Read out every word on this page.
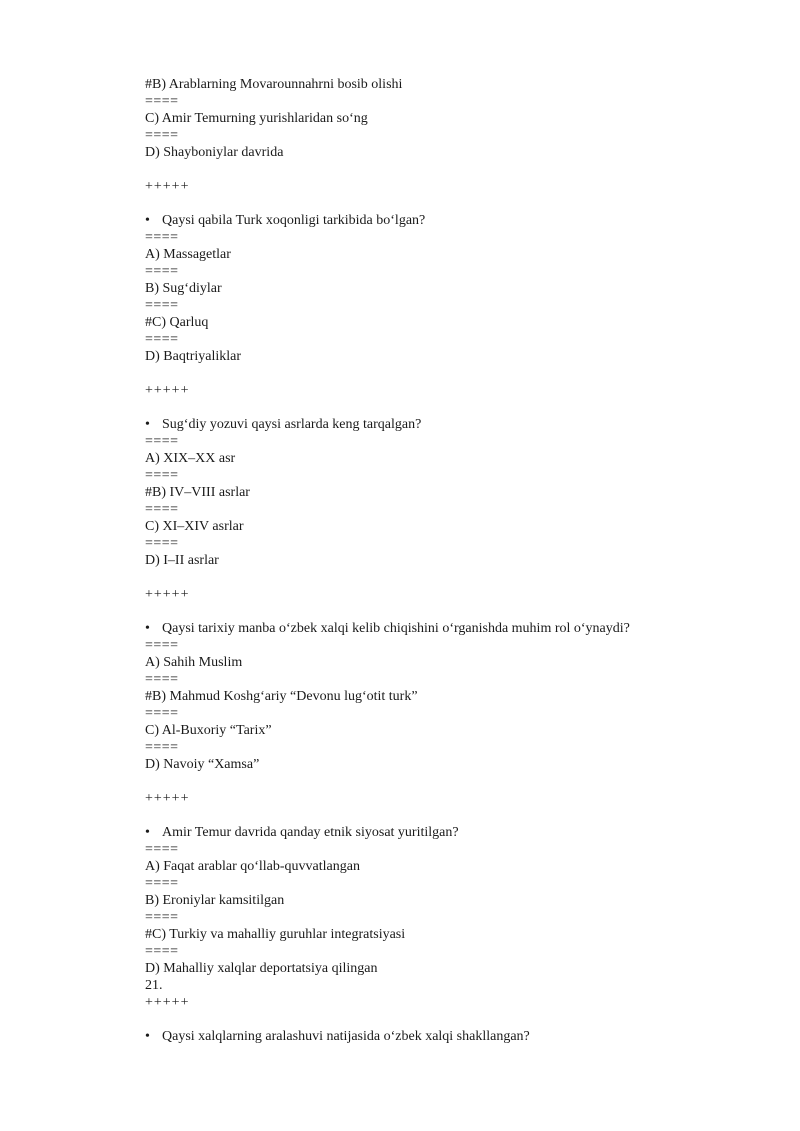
#B) Arablarning Movarounnahrni bosib olishi
====
C) Amir Temurning yurishlaridan so‘ng
====
D) Shayboniylar davrida
+++++
• Qaysi qabila Turk xoqonligi tarkibida bo‘lgan?
====
A) Massagetlar
====
B) Sug‘diylar
====
#C) Qarluq
====
D) Baqtriyaliklar
+++++
• Sug‘diy yozuvi qaysi asrlarda keng tarqalgan?
====
A) XIX–XX asr
====
#B) IV–VIII asrlar
====
C) XI–XIV asrlar
====
D) I–II asrlar
+++++
• Qaysi tarixiy manba o‘zbek xalqi kelib chiqishini o‘rganishda muhim rol o‘ynaydi?
====
A) Sahih Muslim
====
#B) Mahmud Koshg‘ariy “Devonu lug‘otit turk”
====
C) Al-Buxoriy “Tarix”
====
D) Navoiy “Xamsa”
+++++
• Amir Temur davrida qanday etnik siyosat yuritilgan?
====
A) Faqat arablar qo‘llab-quvvatlangan
====
B) Eroniylar kamsitilgan
====
#C) Turkiy va mahalliy guruhlar integratsiyasi
====
D) Mahalliy xalqlar deportatsiya qilingan
21.
+++++
• Qaysi xalqlarning aralashuvi natijasida o‘zbek xalqi shakllangan?
